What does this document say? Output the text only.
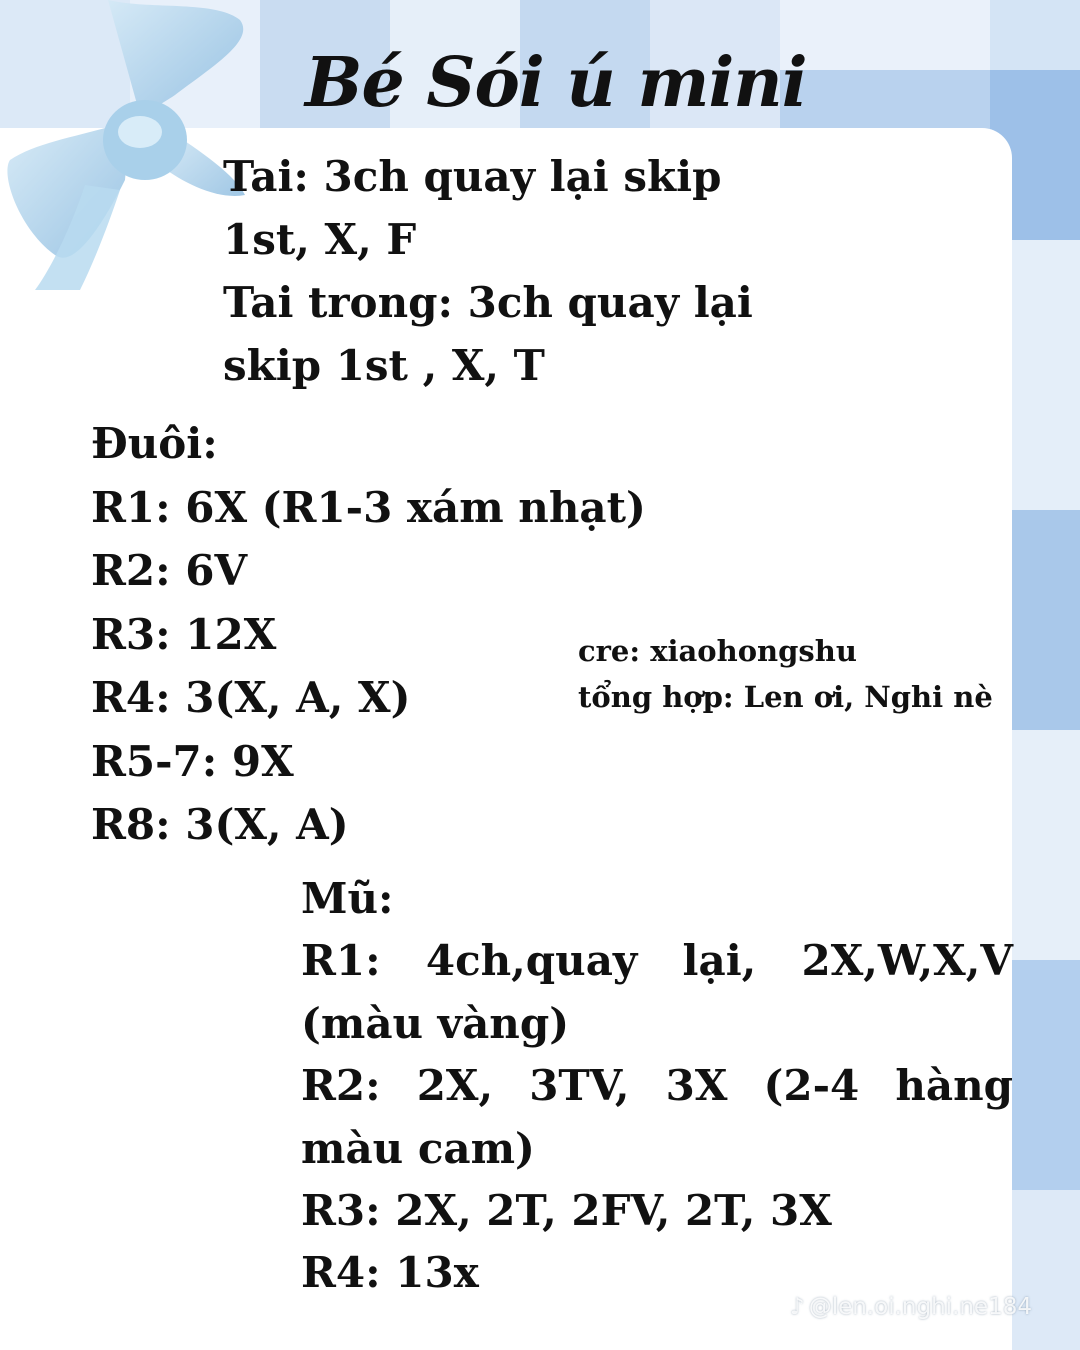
Bé Sói ú mini
Tai: 3ch quay lại skip
1st, X, F
Tai trong: 3ch quay lại
skip 1st , X, T
Đuôi:
R1: 6X (R1-3 xám nhạt)
R2: 6V
R3: 12X
R4: 3(X, A, X)
R5-7: 9X
R8: 3(X, A)
cre: xiaohongshu
tổng hợp: Len ơi, Nghi nè
Mũ:
R1: 4ch,quay lại, 2X,W,X,V
(màu vàng)
R2: 2X, 3TV, 3X (2-4 hàng
màu cam)
R3: 2X, 2T, 2FV, 2T, 3X
R4: 13x
♪ @len.oi.nghi.ne184
